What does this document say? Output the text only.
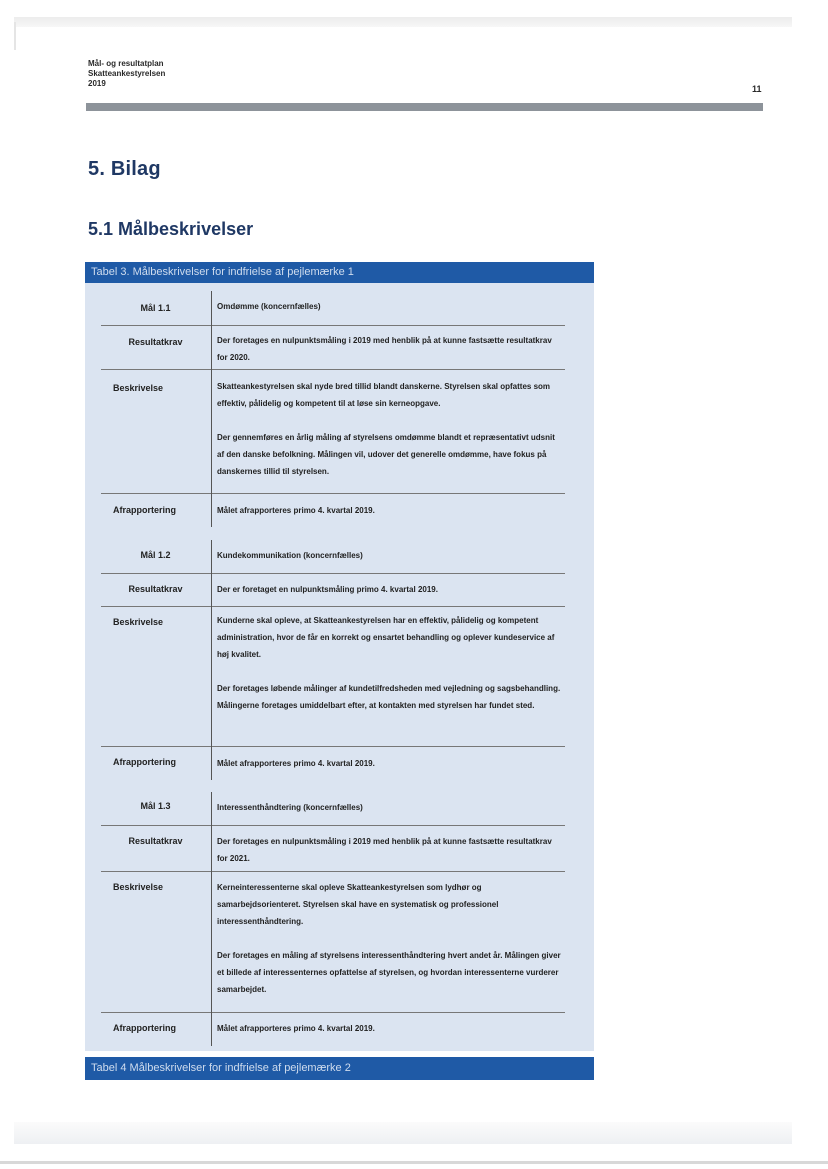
Mål- og resultatplan
Skatteankestyrelsen
2019
11
5. Bilag
5.1 Målbeskrivelser
Tabel 3. Målbeskrivelser for indfrielse af pejlemærke 1
Mål 1.1	Omdømme (koncernfælles)
Resultatkrav	Der foretages en nulpunktsmåling i 2019 med henblik på at kunne fastsætte resultatkrav for 2020.
Beskrivelse	Skatteankestyrelsen skal nyde bred tillid blandt danskerne. Styrelsen skal opfattes som effektiv, pålidelig og kompetent til at løse sin kerneopgave.

Der gennemføres en årlig måling af styrelsens omdømme blandt et repræsentativt udsnit af den danske befolkning. Målingen vil, udover det generelle omdømme, have fokus på danskernes tillid til styrelsen.

Afrapportering	Målet afrapporteres primo 4. kvartal 2019.
Mål 1.2	Kundekommunikation (koncernfælles)
Resultatkrav	Der er foretaget en nulpunktsmåling primo 4. kvartal 2019.
Beskrivelse	Kunderne skal opleve, at Skatteankestyrelsen har en effektiv, pålidelig og kompetent administration, hvor de får en korrekt og ensartet behandling og oplever kundeservice af høj kvalitet.

Der foretages løbende målinger af kundetilfredsheden med vejledning og sagsbehandling. Målingerne foretages umiddelbart efter, at kontakten med styrelsen har fundet sted.

Afrapportering	Målet afrapporteres primo 4. kvartal 2019.
Mål 1.3	Interessenthåndtering (koncernfælles)
Resultatkrav	Der foretages en nulpunktsmåling i 2019 med henblik på at kunne fastsætte resultatkrav for 2021.
Beskrivelse	Kerneinteressenterne skal opleve Skatteankestyrelsen som lydhør og samarbejdsorienteret. Styrelsen skal have en systematisk og professionel interessenthåndtering.

Der foretages en måling af styrelsens interessenthåndtering hvert andet år. Målingen giver et billede af interessenternes opfattelse af styrelsen, og hvordan interessenterne vurderer samarbejdet.

Afrapportering	Målet afrapporteres primo 4. kvartal 2019.
Tabel 4 Målbeskrivelser for indfrielse af pejlemærke 2
